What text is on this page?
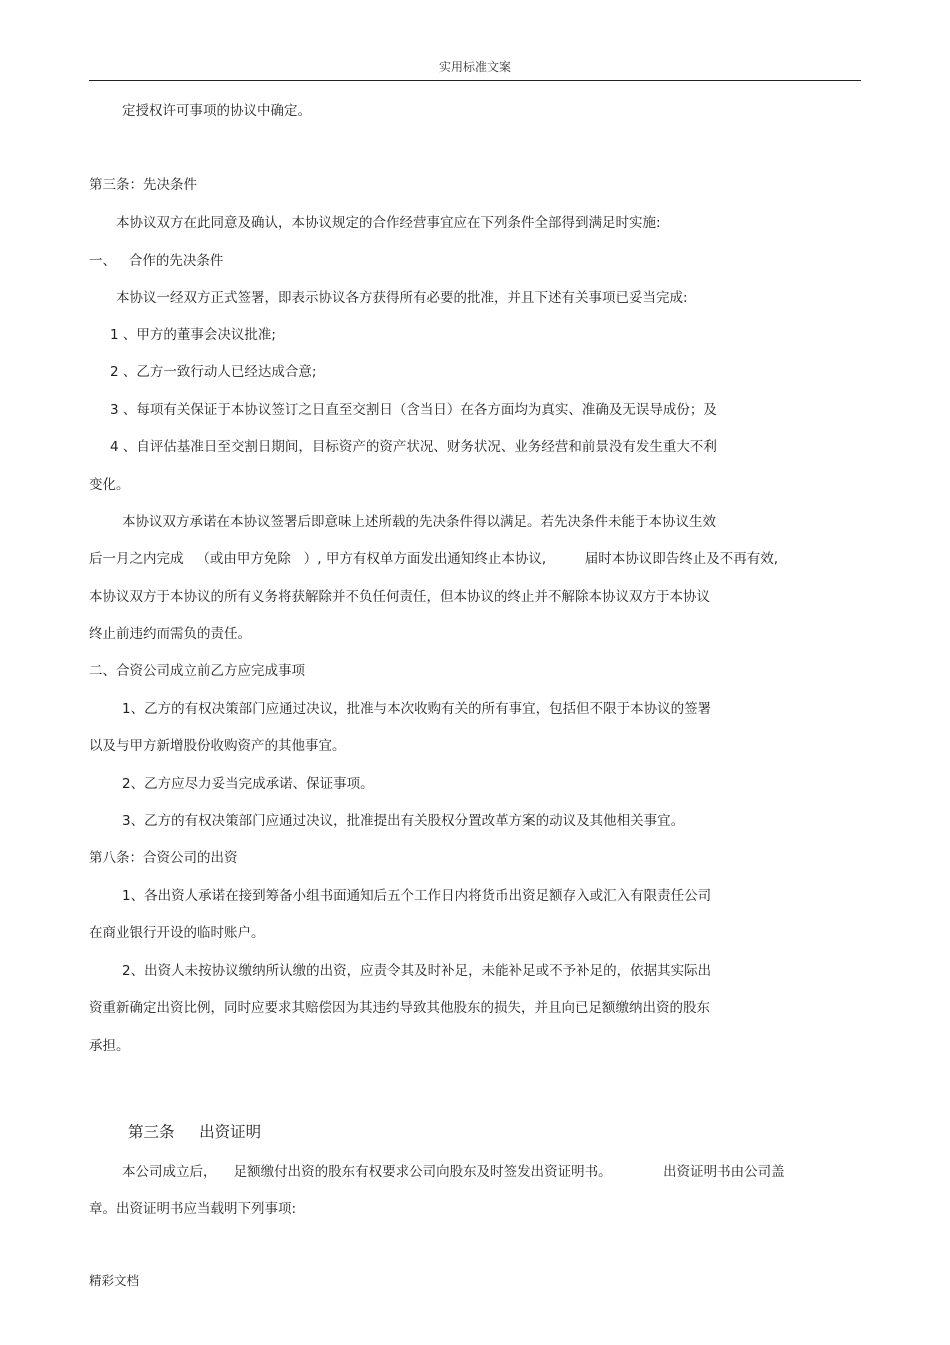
实用标准文案
定授权许可事项的协议中确定。
第三条：先决条件
本协议双方在此同意及确认，本协议规定的合作经营事宜应在下列条件全部得到满足时实施:
一、   合作的先决条件
本协议一经双方正式签署，即表示协议各方获得所有必要的批准，并且下述有关事项已妥当完成:
1 、甲方的董事会决议批准;
2 、乙方一致行动人已经达成合意;
3 、每项有关保证于本协议签订之日直至交割日（含当日）在各方面均为真实、准确及无误导成份；及
4 、自评估基准日至交割日期间，目标资产的资产状况、财务状况、业务经营和前景没有发生重大不利
变化。
本协议双方承诺在本协议签署后即意味上述所载的先决条件得以满足。若先决条件未能于本协议生效
后一月之内完成   （或由甲方免除   ）, 甲方有权单方面发出通知终止本协议,         届时本协议即告终止及不再有效,
本协议双方于本协议的所有义务将获解除并不负任何责任，但本协议的终止并不解除本协议双方于本协议
终止前违约而需负的责任。
二、合资公司成立前乙方应完成事项
1、乙方的有权决策部门应通过决议，批准与本次收购有关的所有事宜，包括但不限于本协议的签署
以及与甲方新增股份收购资产的其他事宜。
2、乙方应尽力妥当完成承诺、保证事项。
3、乙方的有权决策部门应通过决议，批准提出有关股权分置改革方案的动议及其他相关事宜。
第八条：合资公司的出资
1、各出资人承诺在接到筹备小组书面通知后五个工作日内将货币出资足额存入或汇入有限责任公司
在商业银行开设的临时账户。
2、出资人未按协议缴纳所认缴的出资，应责令其及时补足，未能补足或不予补足的，依据其实际出
资重新确定出资比例，同时应要求其赔偿因为其违约导致其他股东的损失，并且向已足额缴纳出资的股东
承担。
第三条     出资证明
本公司成立后，    足额缴付出资的股东有权要求公司向股东及时签发出资证明书。            出资证明书由公司盖
章。出资证明书应当载明下列事项:
精彩文档
